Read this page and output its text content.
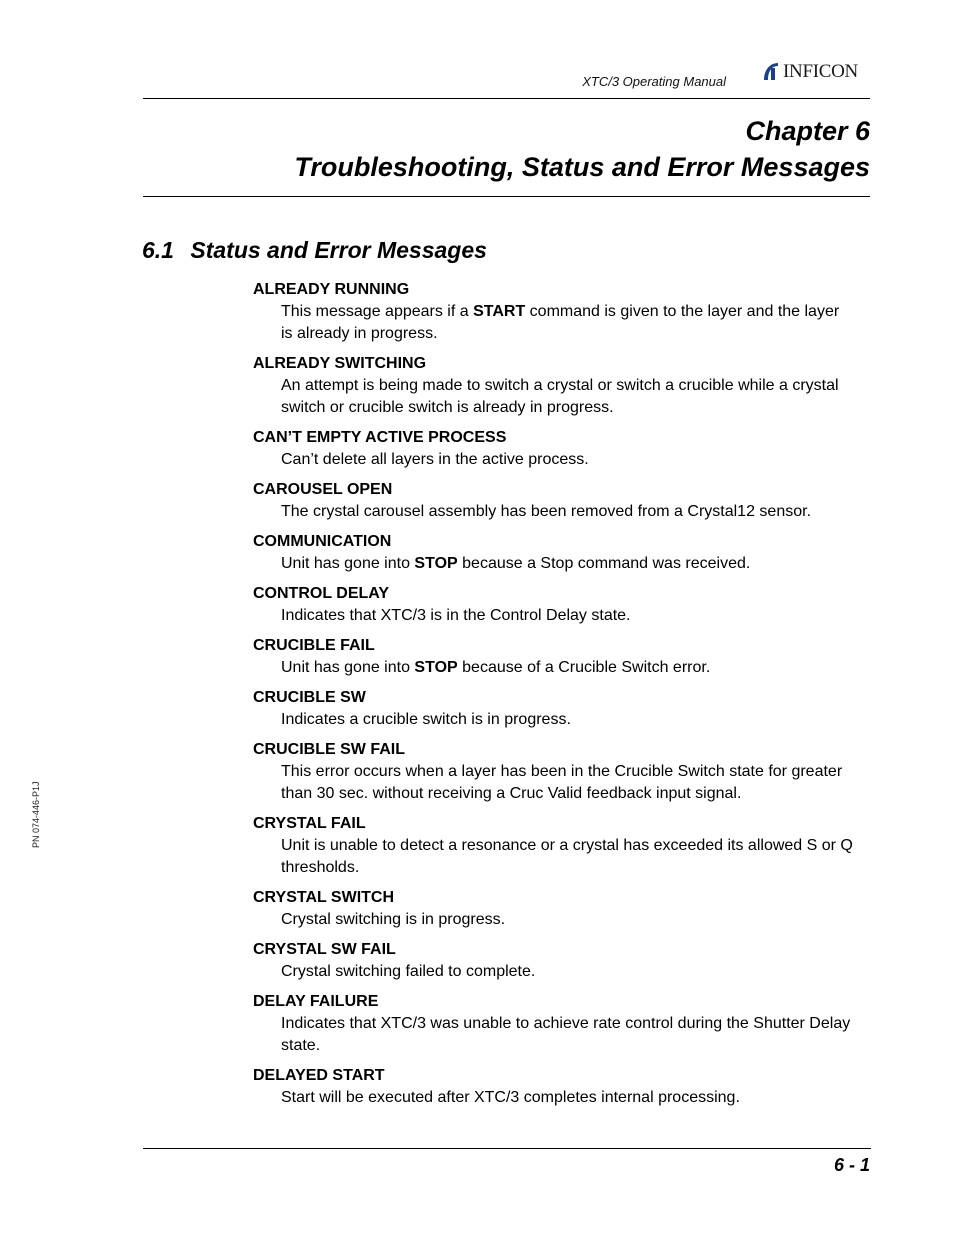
XTC/3 Operating Manual	INFICON
Chapter 6
Troubleshooting, Status and Error Messages
6.1 Status and Error Messages
ALREADY RUNNING
This message appears if a START command is given to the layer and the layer is already in progress.
ALREADY SWITCHING
An attempt is being made to switch a crystal or switch a crucible while a crystal switch or crucible switch is already in progress.
CAN’T EMPTY ACTIVE PROCESS
Can’t delete all layers in the active process.
CAROUSEL OPEN
The crystal carousel assembly has been removed from a Crystal12 sensor.
COMMUNICATION
Unit has gone into STOP because a Stop command was received.
CONTROL DELAY
Indicates that XTC/3 is in the Control Delay state.
CRUCIBLE FAIL
Unit has gone into STOP because of a Crucible Switch error.
CRUCIBLE SW
Indicates a crucible switch is in progress.
CRUCIBLE SW FAIL
This error occurs when a layer has been in the Crucible Switch state for greater than 30 sec. without receiving a Cruc Valid feedback input signal.
CRYSTAL FAIL
Unit is unable to detect a resonance or a crystal has exceeded its allowed S or Q thresholds.
CRYSTAL SWITCH
Crystal switching is in progress.
CRYSTAL SW FAIL
Crystal switching failed to complete.
DELAY FAILURE
Indicates that XTC/3 was unable to achieve rate control during the Shutter Delay state.
DELAYED START
Start will be executed after XTC/3 completes internal processing.
PN 074-446-P1J
6 - 1
